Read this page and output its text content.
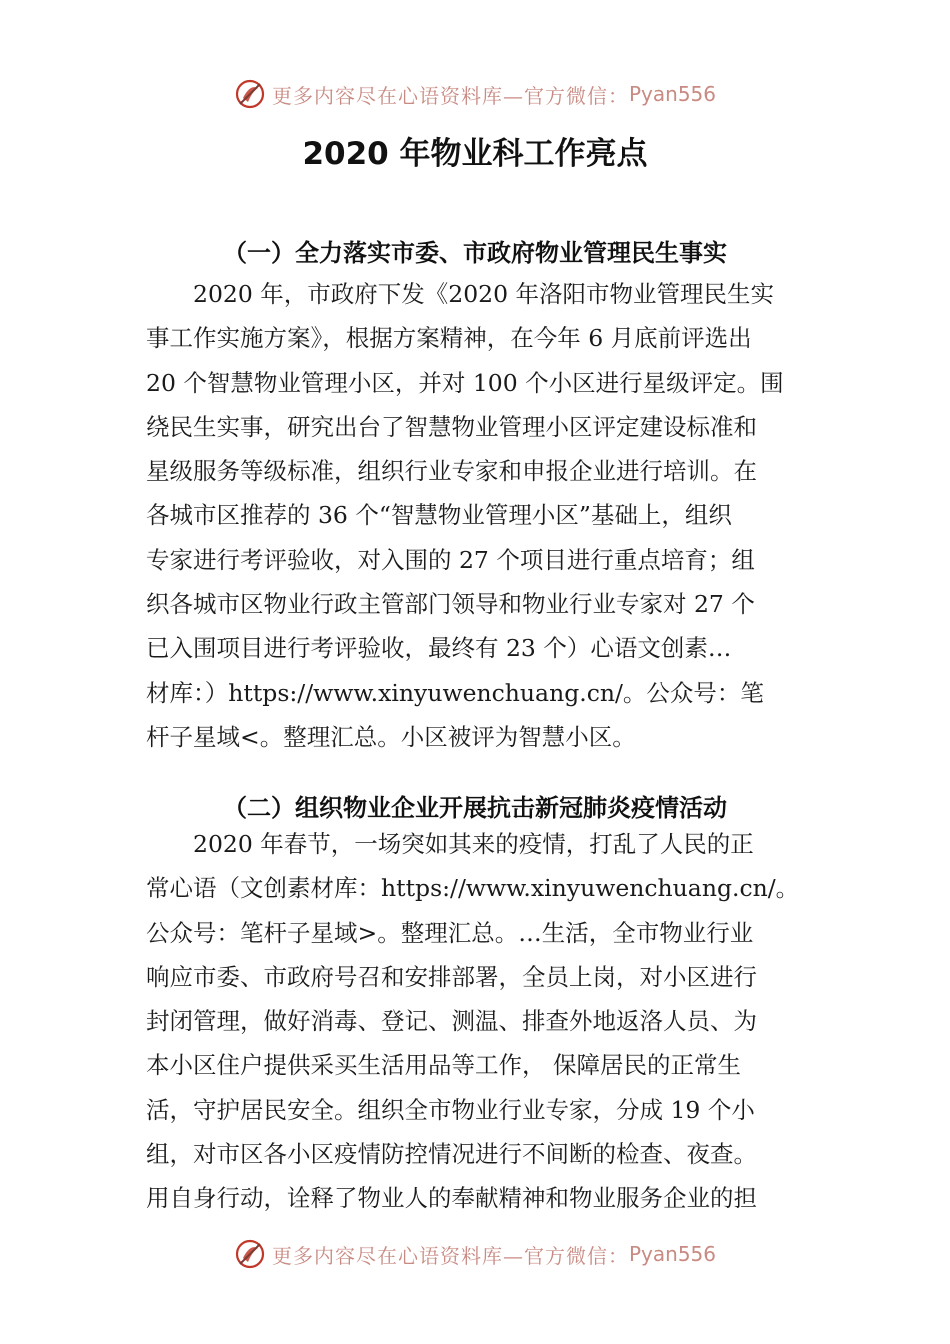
更多内容尽在心语资料库—官方微信： Pyan556
2020 年物业科工作亮点
（一）全力落实市委、市政府物业管理民生事实
2020 年，市政府下发《2020 年洛阳市物业管理民生实
事工作实施方案》，根据方案精神，在今年 6 月底前评选出
20 个智慧物业管理小区，并对 100 个小区进行星级评定。围
绕民生实事，研究出台了智慧物业管理小区评定建设标准和
星级服务等级标准，组织行业专家和申报企业进行培训。在
各城市区推荐的 36 个“智慧物业管理小区”基础上，组织
专家进行考评验收，对入围的 27 个项目进行重点培育；组
织各城市区物业行政主管部门领导和物业行业专家对 27 个
已入围项目进行考评验收，最终有 23 个）心语文创素…
材库：）https://www.xinyuwenchuang.cn/。公众号：笔
杆子星域<。整理汇总。小区被评为智慧小区。
（二）组织物业企业开展抗击新冠肺炎疫情活动
2020 年春节，一场突如其来的疫情，打乱了人民的正
常心语（文创素材库：https://www.xinyuwenchuang.cn/。
公众号：笔杆子星域>。整理汇总。…生活，全市物业行业
响应市委、市政府号召和安排部署，全员上岗，对小区进行
封闭管理，做好消毒、登记、测温、排查外地返洛人员、为
本小区住户提供采买生活用品等工作， 保障居民的正常生
活，守护居民安全。组织全市物业行业专家，分成 19 个小
组，对市区各小区疫情防控情况进行不间断的检查、夜查。
用自身行动，诠释了物业人的奉献精神和物业服务企业的担
更多内容尽在心语资料库—官方微信： Pyan556
